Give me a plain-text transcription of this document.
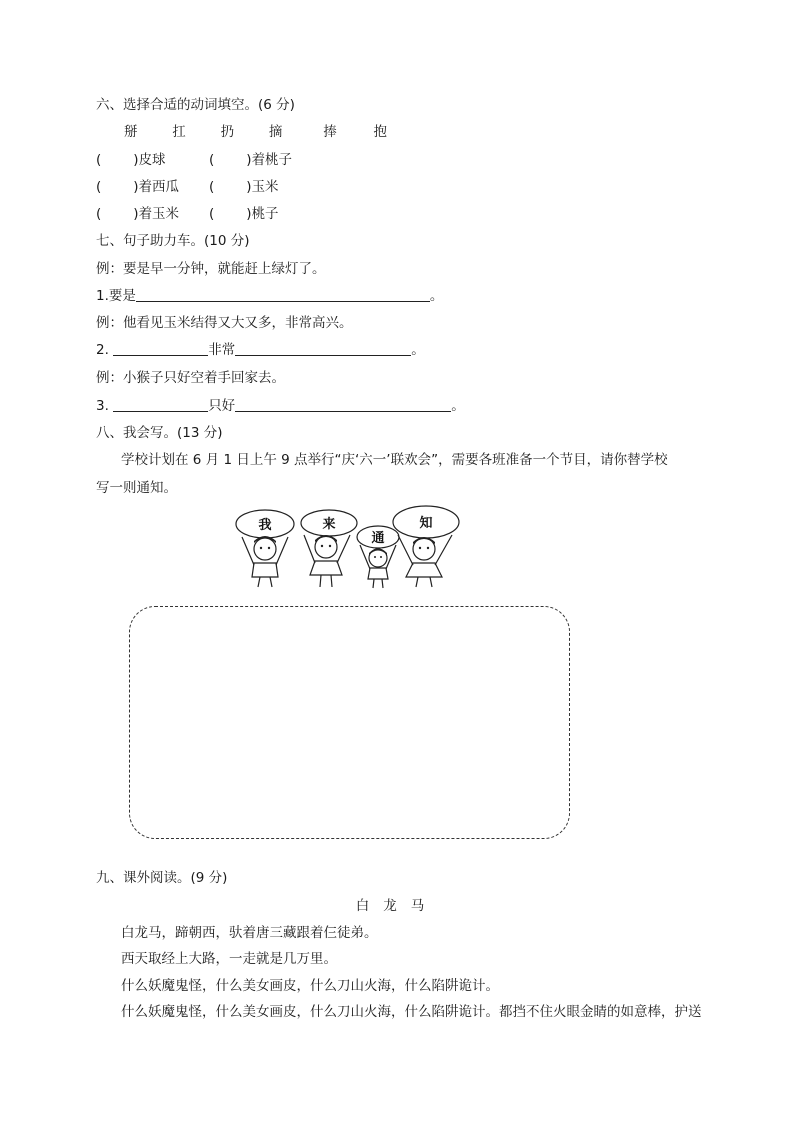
六、选择合适的动词填空。(6 分)
掰	扛	扔	摘	捧	抱
( )皮球	( )着桃子
( )着西瓜 ( )玉米
( )着玉米 ( )桃子
七、句子助力车。(10 分)
例：要是早一分钟，就能赶上绿灯了。
1.要是	。
例：他看见玉米结得又大又多，非常高兴。
2.	非常	。
例：小猴子只好空着手回家去。
3.	只好	。
八、我会写。(13 分)
学校计划在 6 月 1 日上午 9 点举行“庆‘六一’联欢会”，需要各班准备一个节目，请你替学校
写一则通知。
我	来
通
知
九、课外阅读。(9 分)
白龙马
白龙马，蹄朝西，驮着唐三藏跟着仨徒弟。
西天取经上大路，一走就是几万里。
什么妖魔鬼怪，什么美女画皮，什么刀山火海，什么陷阱诡计。
什么妖魔鬼怪，什么美女画皮，什么刀山火海，什么陷阱诡计。都挡不住火眼金睛的如意棒，护送
